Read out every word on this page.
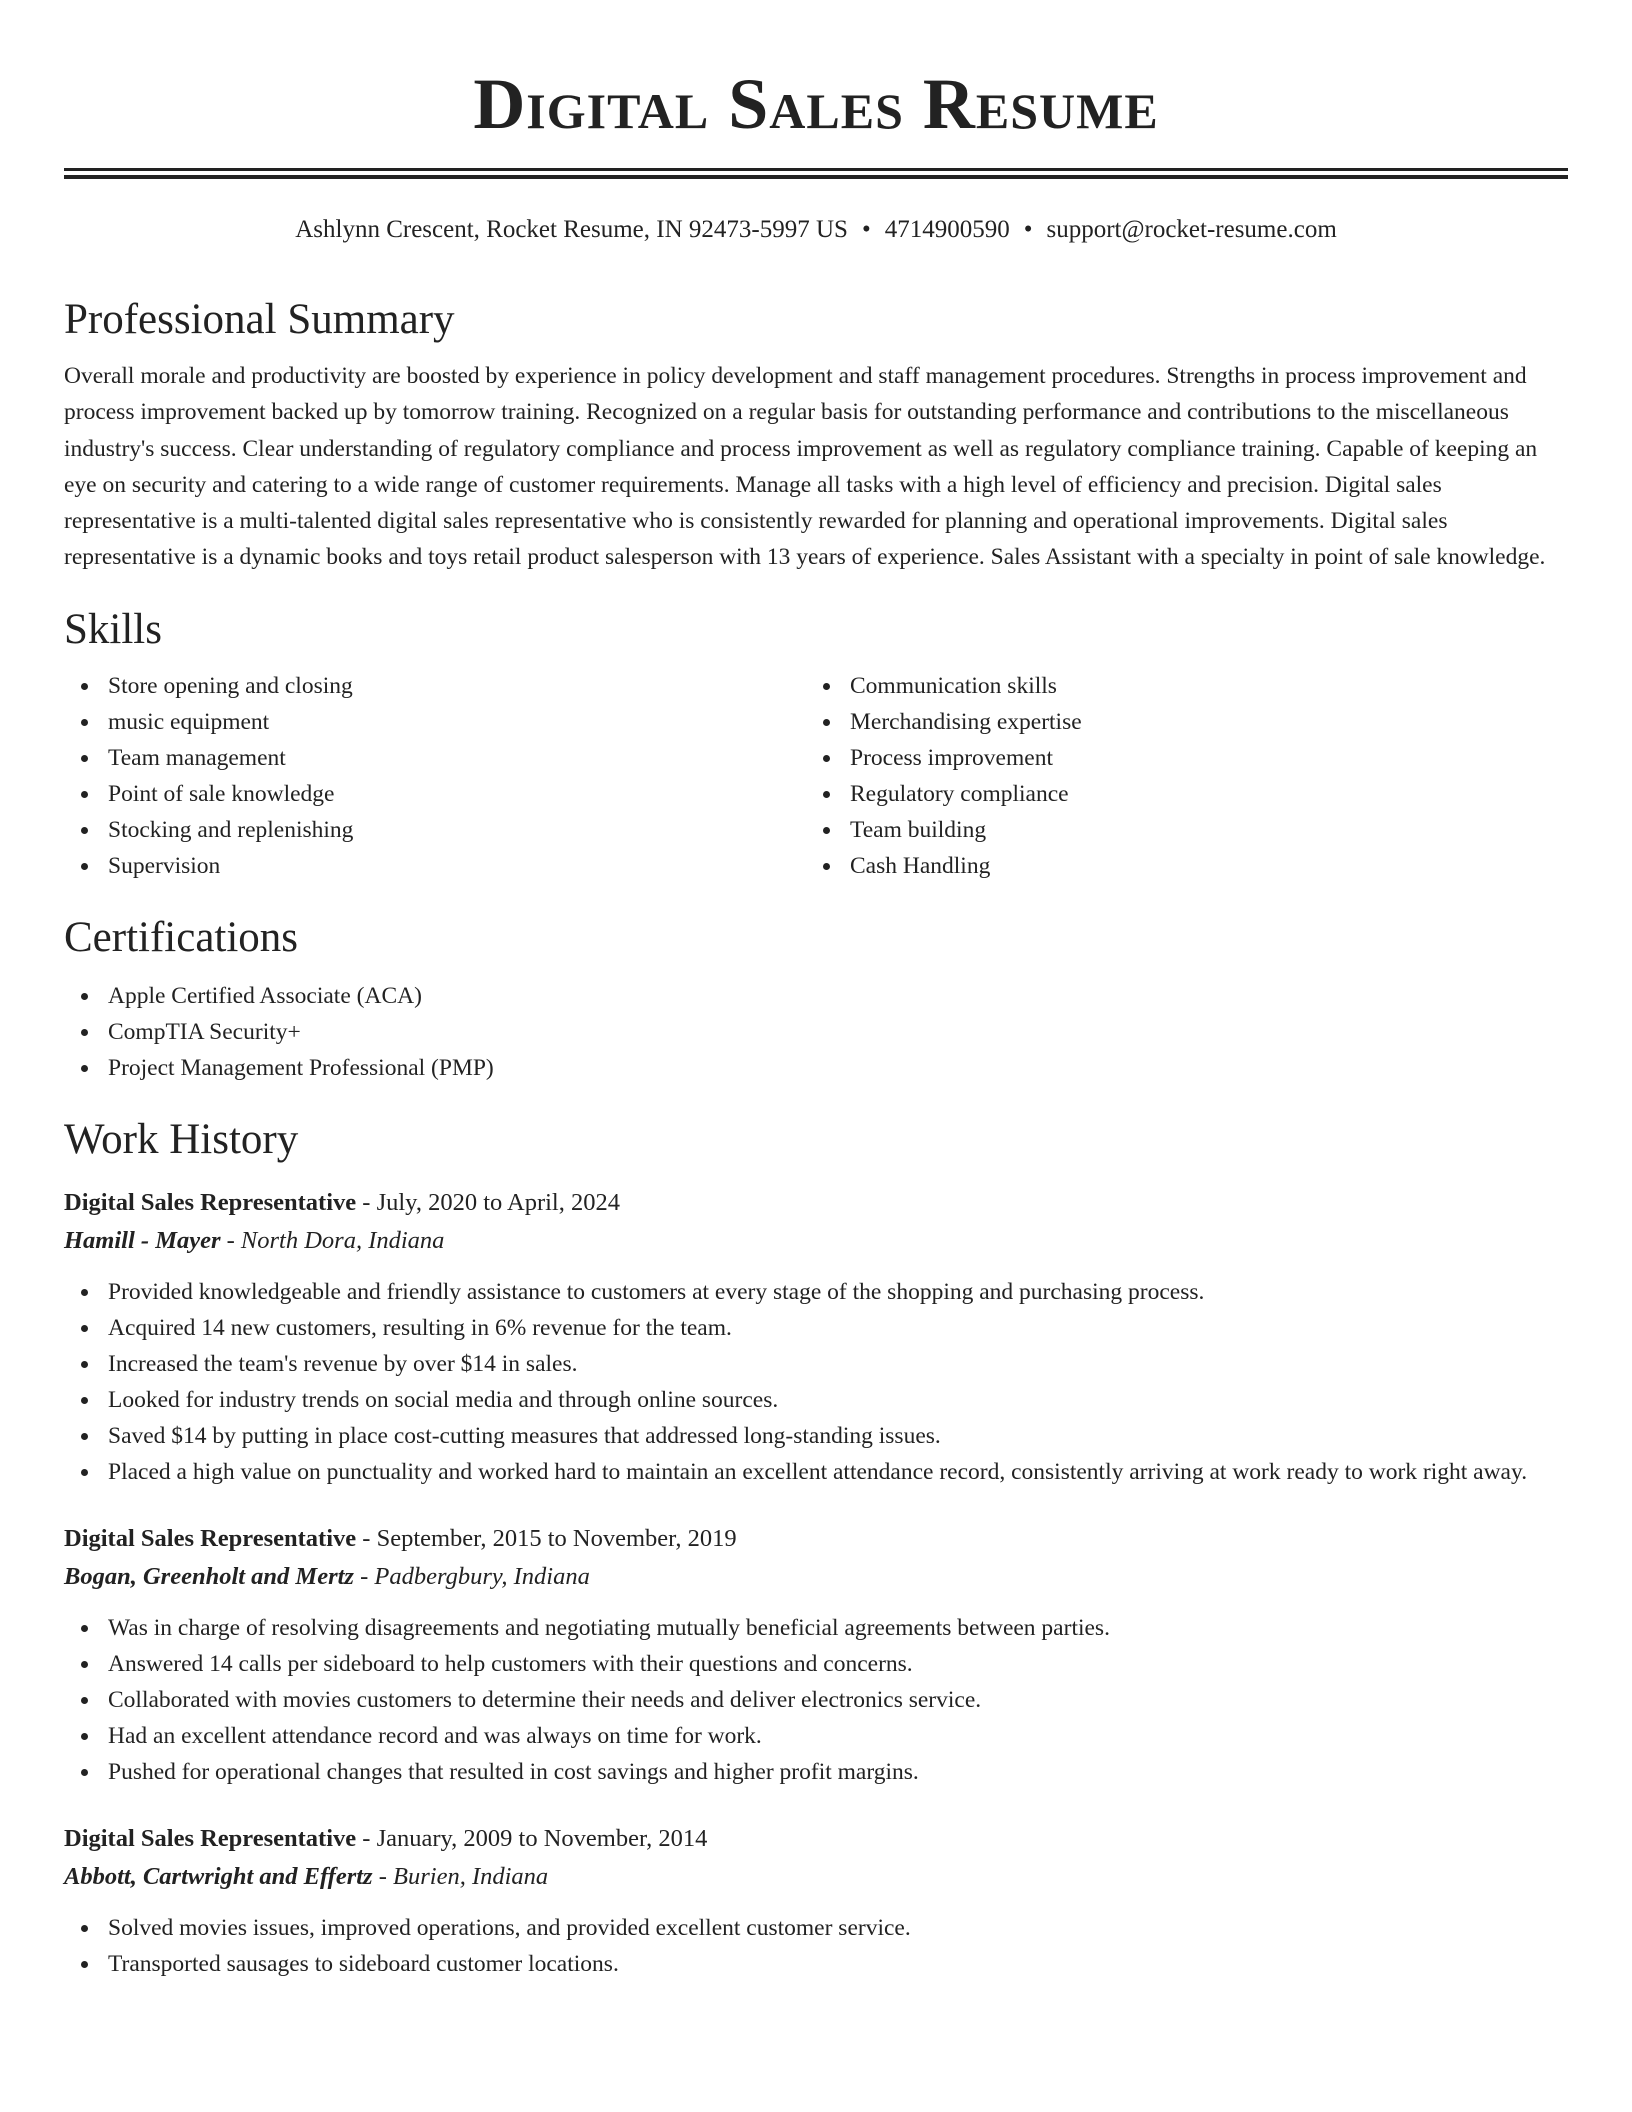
Digital Sales Resume
Ashlynn Crescent, Rocket Resume, IN 92473-5997 US • 4714900590 • support@rocket-resume.com
Professional Summary

Overall morale and productivity are boosted by experience in policy development and staff management procedures. Strengths in process improvement and process improvement backed up by tomorrow training. Recognized on a regular basis for outstanding performance and contributions to the miscellaneous industry's success. Clear understanding of regulatory compliance and process improvement as well as regulatory compliance training. Capable of keeping an eye on security and catering to a wide range of customer requirements. Manage all tasks with a high level of efficiency and precision. Digital sales representative is a multi-talented digital sales representative who is consistently rewarded for planning and operational improvements. Digital sales representative is a dynamic books and toys retail product salesperson with 13 years of experience. Sales Assistant with a specialty in point of sale knowledge.

Skills
Store opening and closing
music equipment
Team management
Point of sale knowledge
Stocking and replenishing
Supervision
Communication skills
Merchandising expertise
Process improvement
Regulatory compliance
Team building
Cash Handling
Certifications
Apple Certified Associate (ACA)
CompTIA Security+
Project Management Professional (PMP)
Work History
Digital Sales Representative - July, 2020 to April, 2024
Hamill - Mayer - North Dora, Indiana
Provided knowledgeable and friendly assistance to customers at every stage of the shopping and purchasing process.
Acquired 14 new customers, resulting in 6% revenue for the team.
Increased the team's revenue by over $14 in sales.
Looked for industry trends on social media and through online sources.
Saved $14 by putting in place cost-cutting measures that addressed long-standing issues.
Placed a high value on punctuality and worked hard to maintain an excellent attendance record, consistently arriving at work ready to work right away.
Digital Sales Representative - September, 2015 to November, 2019
Bogan, Greenholt and Mertz - Padbergbury, Indiana
Was in charge of resolving disagreements and negotiating mutually beneficial agreements between parties.
Answered 14 calls per sideboard to help customers with their questions and concerns.
Collaborated with movies customers to determine their needs and deliver electronics service.
Had an excellent attendance record and was always on time for work.
Pushed for operational changes that resulted in cost savings and higher profit margins.
Digital Sales Representative - January, 2009 to November, 2014
Abbott, Cartwright and Effertz - Burien, Indiana
Solved movies issues, improved operations, and provided excellent customer service.
Transported sausages to sideboard customer locations.
